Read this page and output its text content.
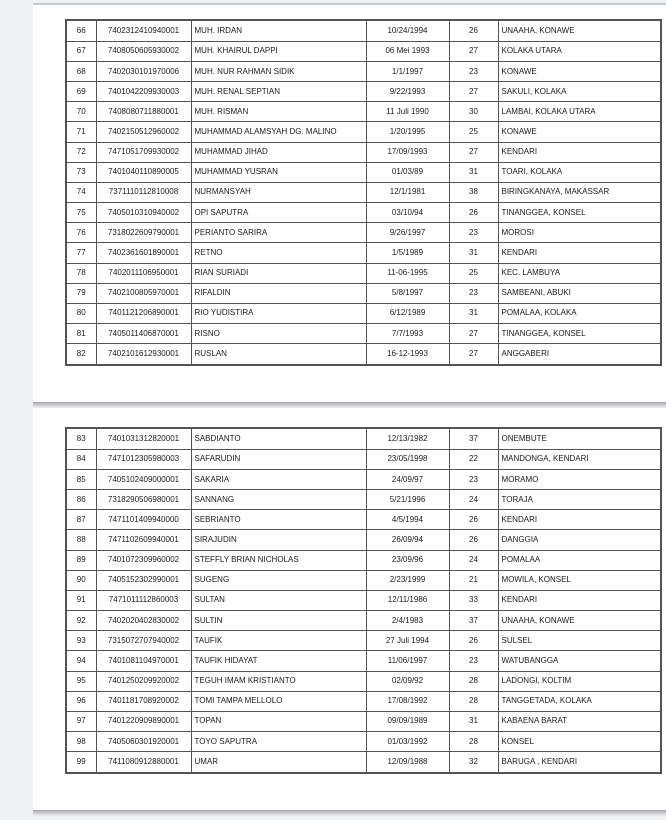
66	7402312410940001	MUH. IRDAN	10/24/1994	26	UNAAHA, KONAWE
67	7408050605930002	MUH. KHAIRUL DAPPI	06 Mei 1993	27	KOLAKA UTARA
68	7402030101970006	MUH. NUR RAHMAN SIDIK	1/1/1997	23	KONAWE
69	7401042209930003	MUH. RENAL SEPTIAN	9/22/1993	27	SAKULI, KOLAKA
70	7408080711880001	MUH. RISMAN	11 Juli 1990	30	LAMBAI, KOLAKA UTARA
71	7402150512960002	MUHAMMAD ALAMSYAH DG. MALINO	1/20/1995	25	KONAWE
72	7471051709930002	MUHAMMAD JIHAD	17/09/1993	27	KENDARI
73	7401040110890005	MUHAMMAD YUSRAN	01/03/89	31	TOARI, KOLAKA
74	7371110112810008	NURMANSYAH	12/1/1981	38	BIRINGKANAYA, MAKASSAR
75	7405010310940002	OPI SAPUTRA	03/10/94	26	TINANGGEA, KONSEL
76	7318022609790001	PERIANTO SARIRA	9/26/1997	23	MOROSI
77	7402361601890001	RETNO	1/5/1989	31	KENDARI
78	7402011106950001	RIAN SURIADI	11-06-1995	25	KEC. LAMBUYA
79	7402100805970001	RIFALDIN	5/8/1997	23	SAMBEANI, ABUKI
80	7401121206890001	RIO YUDISTIRA	6/12/1989	31	POMALAA, KOLAKA
81	7405011406870001	RISNO	7/7/1993	27	TINANGGEA, KONSEL
82	7402101612930001	RUSLAN	16-12-1993	27	ANGGABERI
83	7401031312820001	SABDIANTO	12/13/1982	37	ONEMBUTE
84	7471012305980003	SAFARUDIN	23/05/1998	22	MANDONGA, KENDARI
85	7405102409000001	SAKARIA	24/09/97	23	MORAMO
86	7318290506980001	SANNANG	5/21/1996	24	TORAJA
87	7471101409940000	SEBRIANTO	4/5/1994	26	KENDARI
88	7471102609940001	SIRAJUDIN	26/09/94	26	DANGGIA
89	7401072309960002	STEFFLY BRIAN NICHOLAS	23/09/96	24	POMALAA
90	7405152302990001	SUGENG	2/23/1999	21	MOWILA, KONSEL
91	7471011112860003	SULTAN	12/11/1986	33	KENDARI
92	7402020402830002	SULTIN	2/4/1983	37	UNAAHA, KONAWE
93	7315072707940002	TAUFIK	27 Juli 1994	26	SULSEL
94	7401081104970001	TAUFIK HIDAYAT	11/06/1997	23	WATUBANGGA
95	7401250209920002	TEGUH IMAM KRISTIANTO	02/09/92	28	LADONGI, KOLTIM
96	7401181708920002	TOMI TAMPA MELLOLO	17/08/1992	28	TANGGETADA, KOLAKA
97	7401220909890001	TOPAN	09/09/1989	31	KABAENA BARAT
98	7405060301920001	TOYO SAPUTRA	01/03/1992	28	KONSEL
99	7411080912880001	UMAR	12/09/1988	32	BARUGA , KENDARI
